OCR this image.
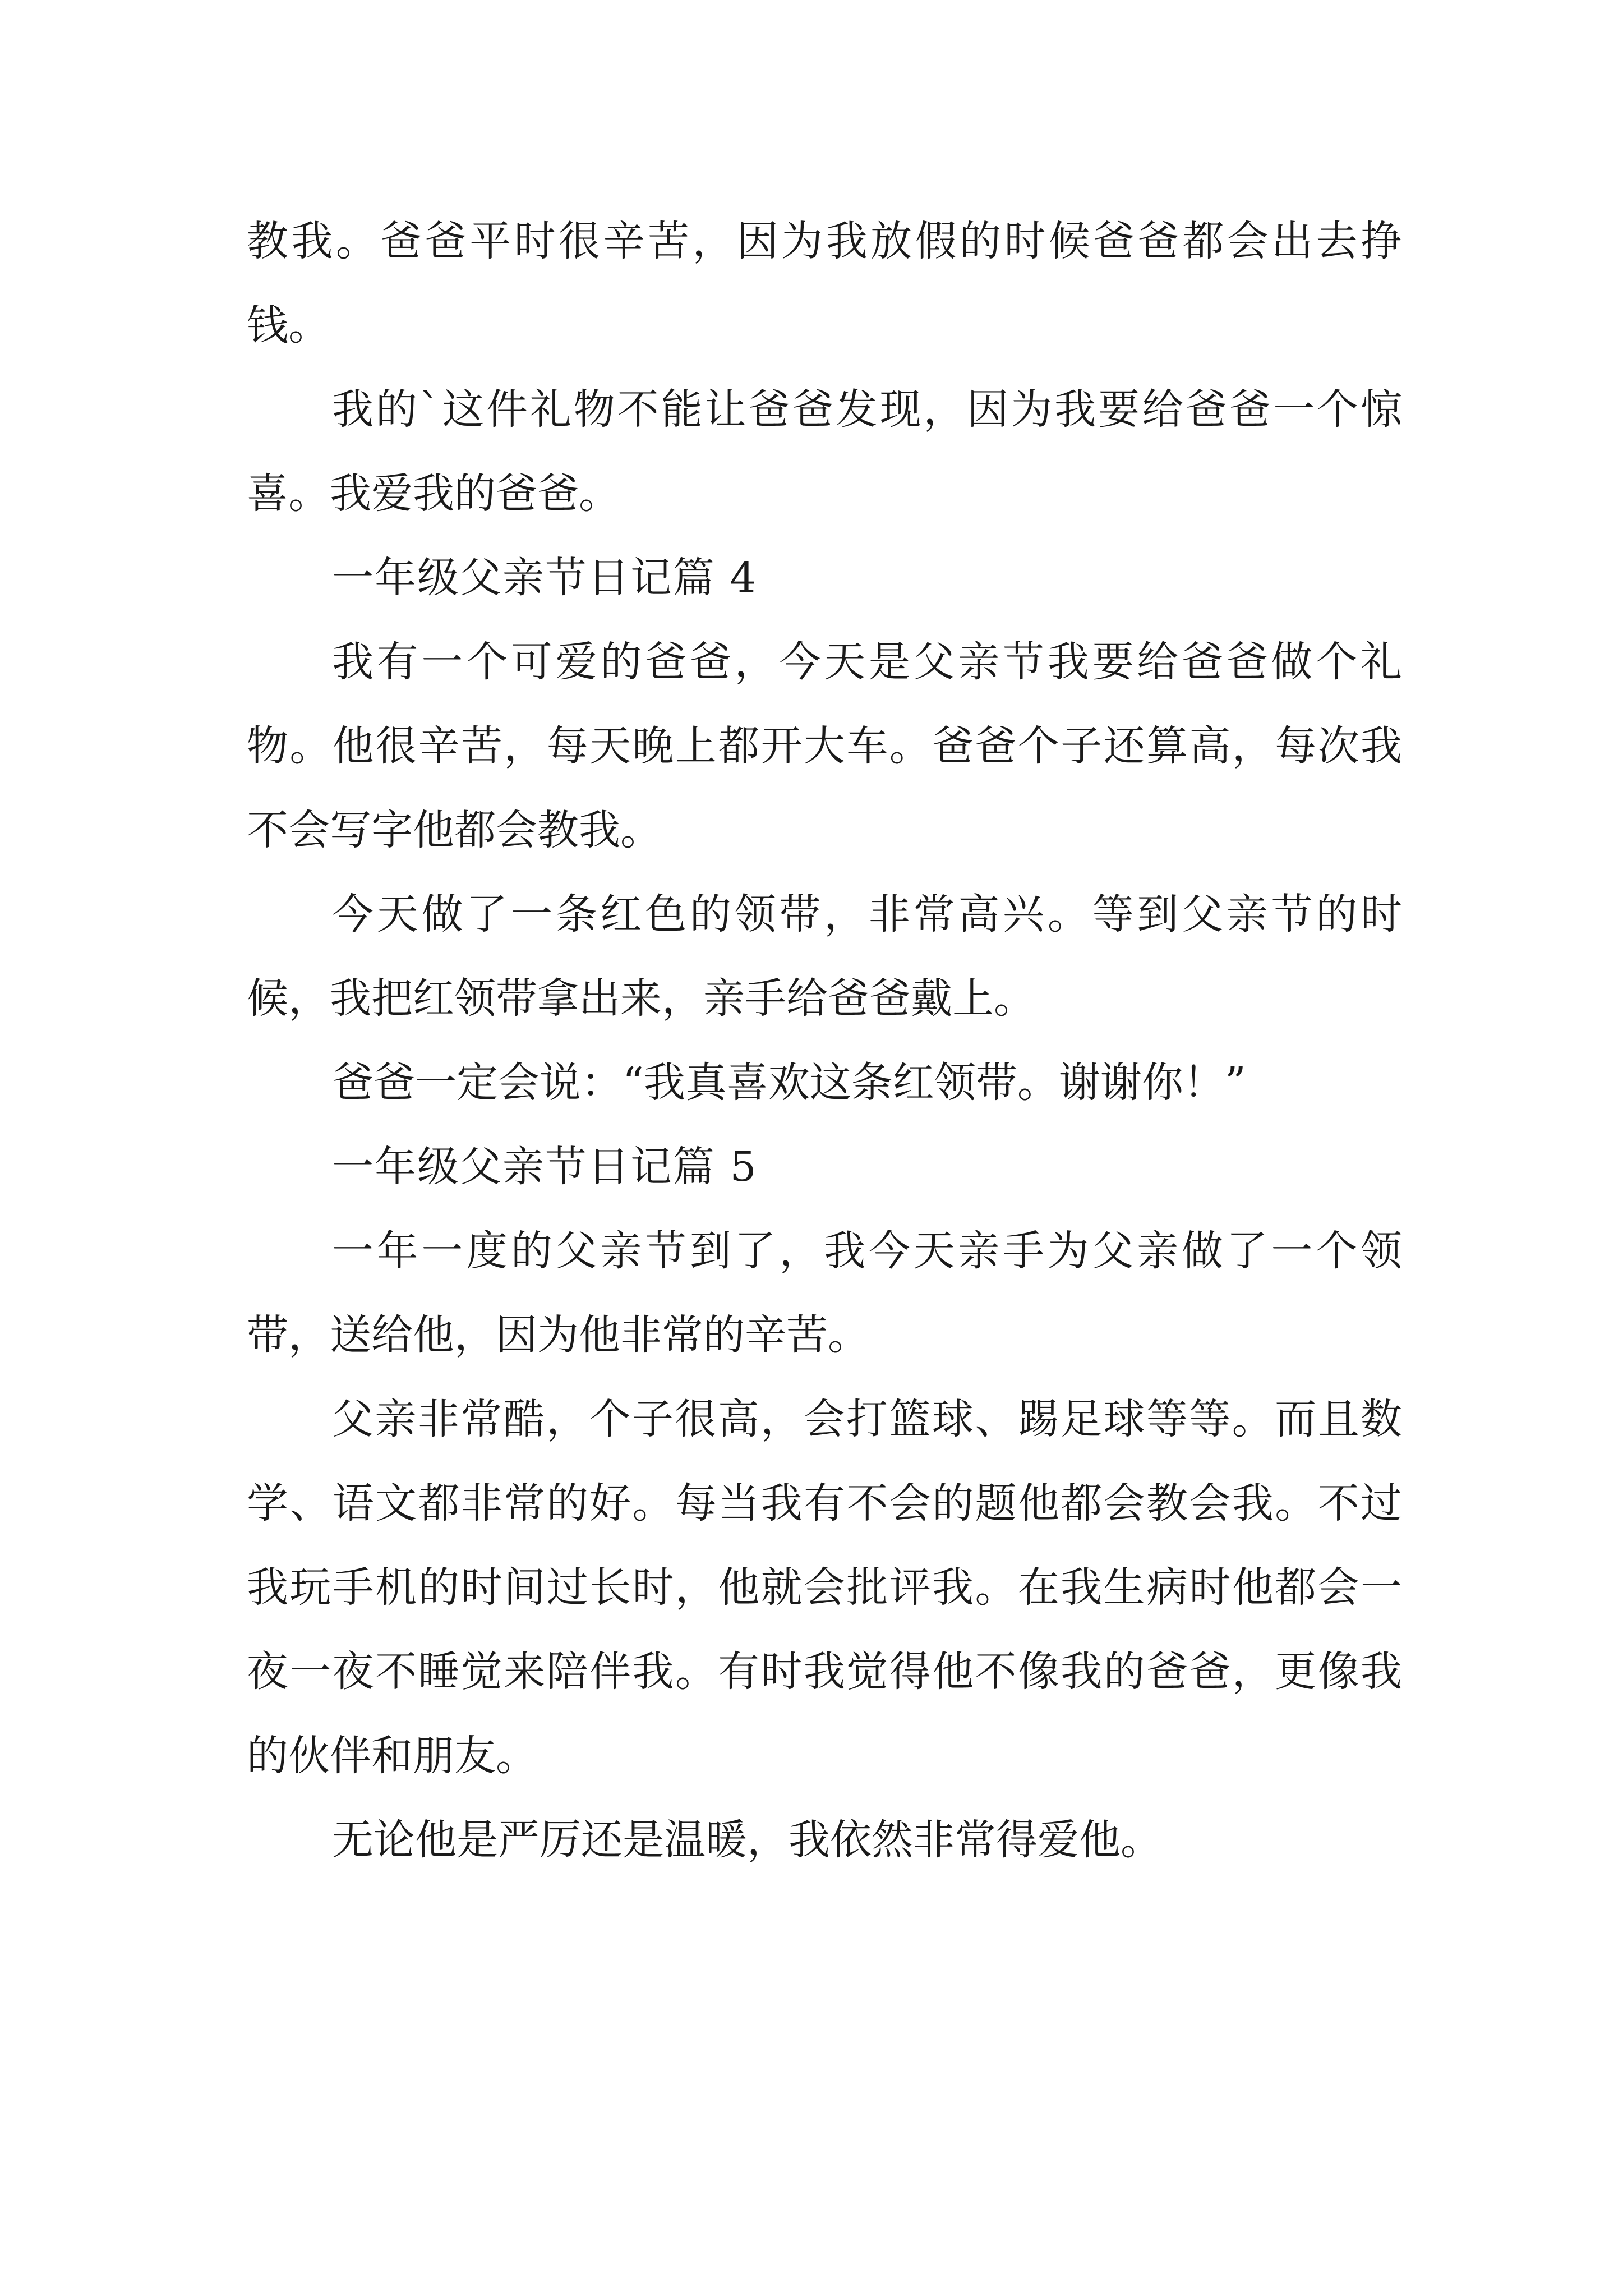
教我。爸爸平时很辛苦，因为我放假的时候爸爸都会出去挣钱。

我的`这件礼物不能让爸爸发现，因为我要给爸爸一个惊喜。我爱我的爸爸。

一年级父亲节日记篇 4

我有一个可爱的爸爸，今天是父亲节我要给爸爸做个礼物。他很辛苦，每天晚上都开大车。爸爸个子还算高，每次我不会写字他都会教我。

今天做了一条红色的领带，非常高兴。等到父亲节的时候，我把红领带拿出来，亲手给爸爸戴上。

爸爸一定会说：“我真喜欢这条红领带。谢谢你！”

一年级父亲节日记篇 5

一年一度的父亲节到了，我今天亲手为父亲做了一个领带，送给他，因为他非常的辛苦。

父亲非常酷，个子很高，会打篮球、踢足球等等。而且数学、语文都非常的好。每当我有不会的题他都会教会我。不过我玩手机的时间过长时，他就会批评我。在我生病时他都会一夜一夜不睡觉来陪伴我。有时我觉得他不像我的爸爸，更像我的伙伴和朋友。

无论他是严厉还是温暖，我依然非常得爱他。
